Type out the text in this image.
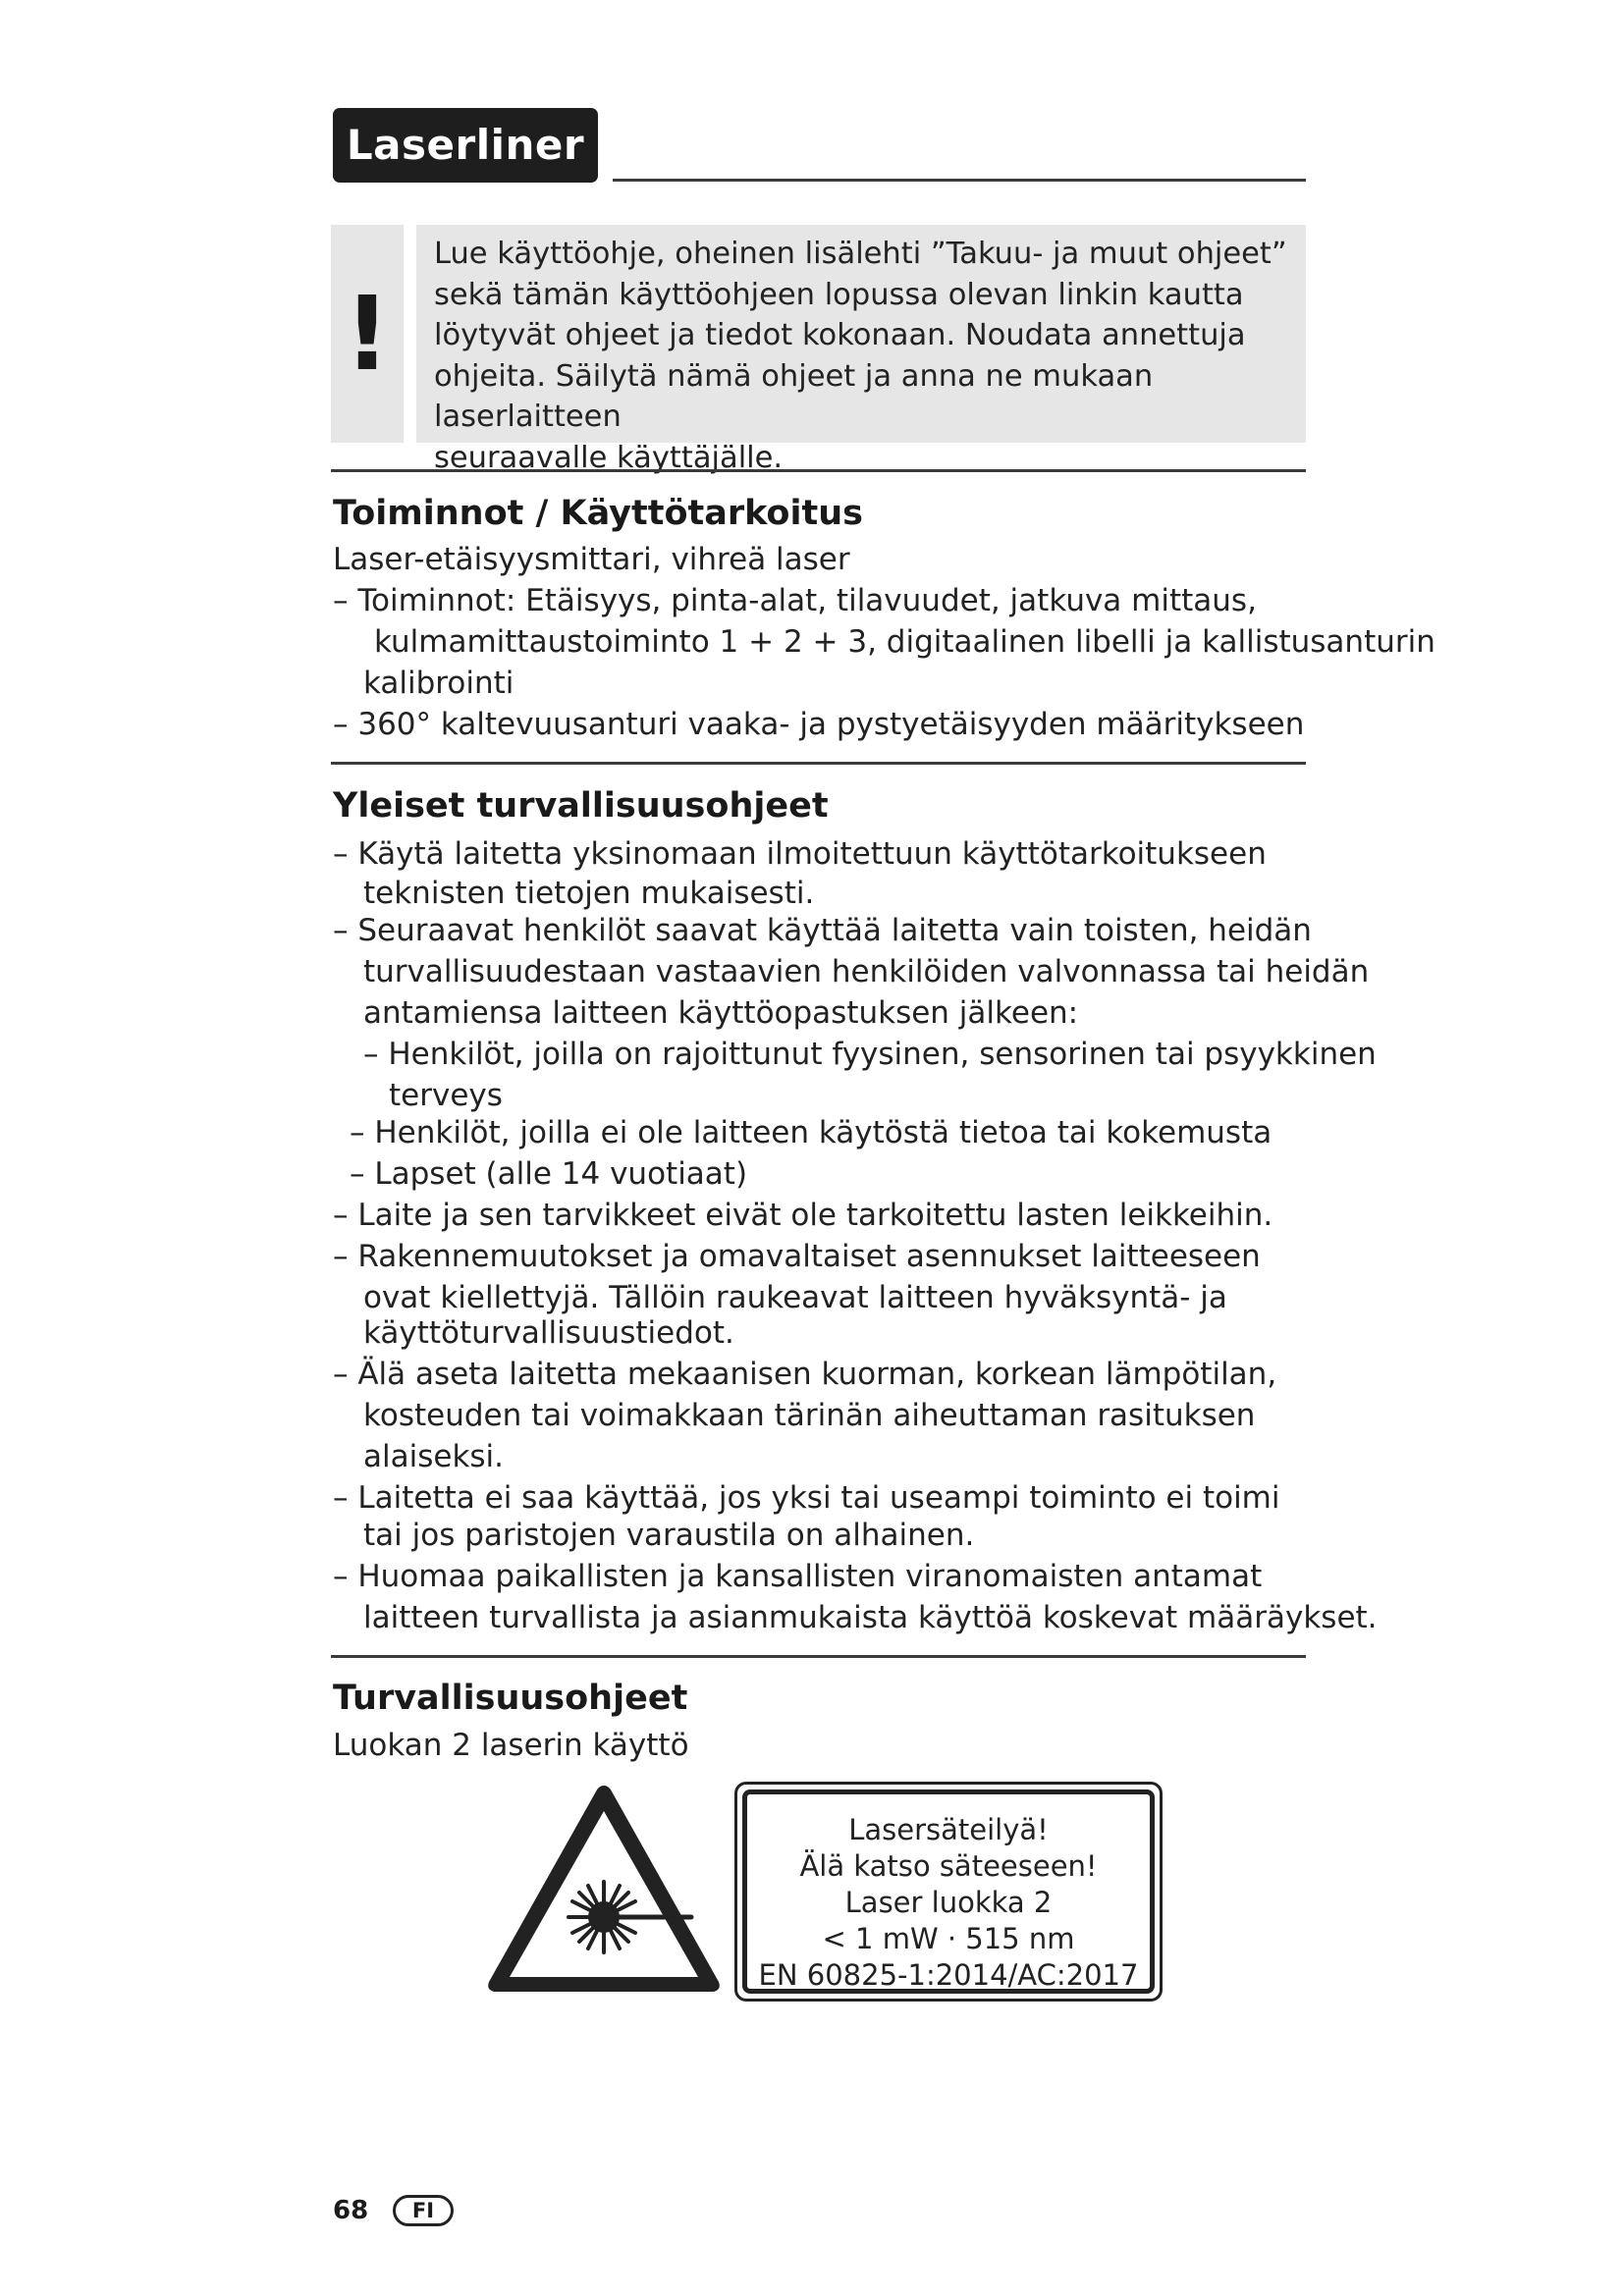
Laserliner
!
Lue käyttöohje, oheinen lisälehti ”Takuu- ja muut ohjeet”
sekä tämän käyttöohjeen lopussa olevan linkin kautta
löytyvät ohjeet ja tiedot kokonaan. Noudata annettuja
ohjeita. Säilytä nämä ohjeet ja anna ne mukaan laserlaitteen
seuraavalle käyttäjälle.
Toiminnot / Käyttötarkoitus
Laser-etäisyysmittari, vihreä laser
– Toiminnot: Etäisyys, pinta-alat, tilavuudet, jatkuva mittaus,
kulmamittaustoiminto 1 + 2 + 3, digitaalinen libelli ja kallistusanturin
kalibrointi
– 360° kaltevuusanturi vaaka- ja pystyetäisyyden määritykseen
Yleiset turvallisuusohjeet
– Käytä laitetta yksinomaan ilmoitettuun käyttötarkoitukseen
teknisten tietojen mukaisesti.
– Seuraavat henkilöt saavat käyttää laitetta vain toisten, heidän
turvallisuudestaan vastaavien henkilöiden valvonnassa tai heidän
antamiensa laitteen käyttöopastuksen jälkeen:
– Henkilöt, joilla on rajoittunut fyysinen, sensorinen tai psyykkinen
terveys
– Henkilöt, joilla ei ole laitteen käytöstä tietoa tai kokemusta
– Lapset (alle 14 vuotiaat)
– Laite ja sen tarvikkeet eivät ole tarkoitettu lasten leikkeihin.
– Rakennemuutokset ja omavaltaiset asennukset laitteeseen
ovat kiellettyjä. Tällöin raukeavat laitteen hyväksyntä- ja
käyttöturvallisuustiedot.
– Älä aseta laitetta mekaanisen kuorman, korkean lämpötilan,
kosteuden tai voimakkaan tärinän aiheuttaman rasituksen
alaiseksi.
– Laitetta ei saa käyttää, jos yksi tai useampi toiminto ei toimi
tai jos paristojen varaustila on alhainen.
– Huomaa paikallisten ja kansallisten viranomaisten antamat
laitteen turvallista ja asianmukaista käyttöä koskevat määräykset.
Turvallisuusohjeet
Luokan 2 laserin käyttö
Lasersäteilyä!
Älä katso säteeseen!
Laser luokka 2
< 1 mW · 515 nm
EN 60825-1:2014/AC:2017
68	FI
